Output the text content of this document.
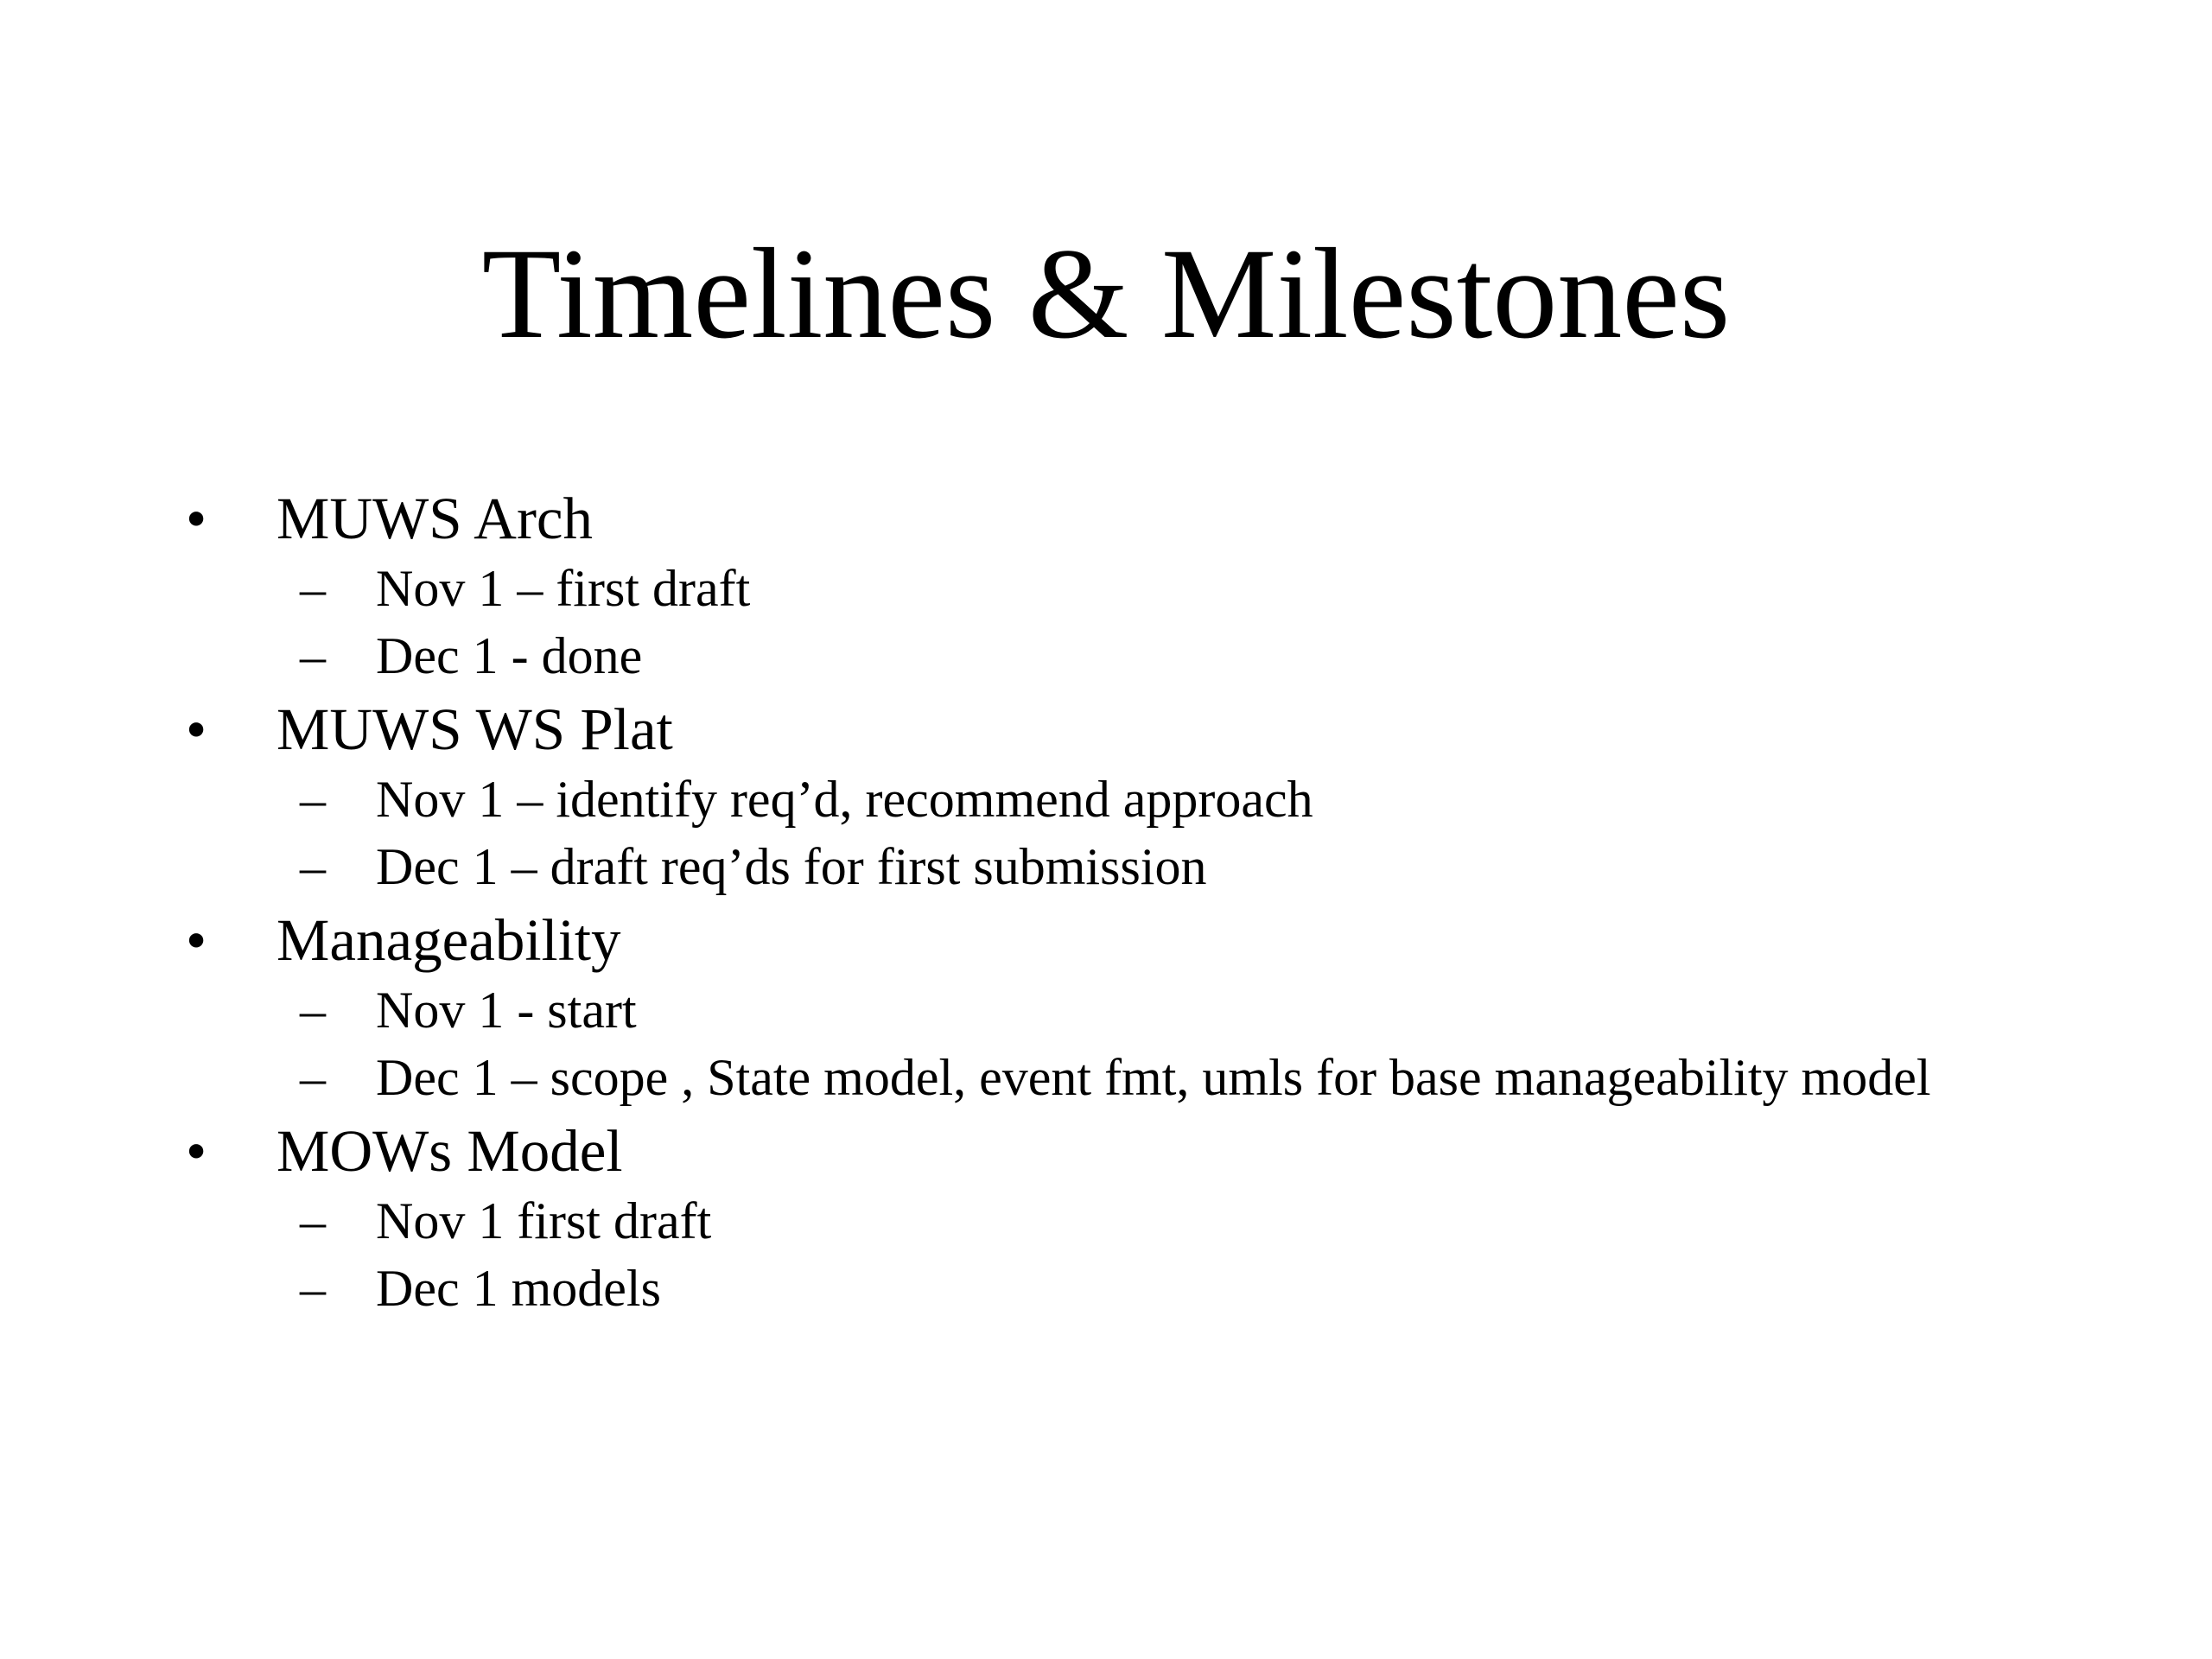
Timelines & Milestones
•	MUWS Arch
– Nov 1 – first draft
– Dec 1 - done
•	MUWS WS Plat
– Nov 1 – identify req’d, recommend approach
– Dec 1 – draft req’ds for first submission
•	Manageability
– Nov 1 - start
– Dec 1 – scope , State model, event fmt, umls for base manageability model
•	MOWs Model
– Nov 1 first draft
– Dec 1 models
